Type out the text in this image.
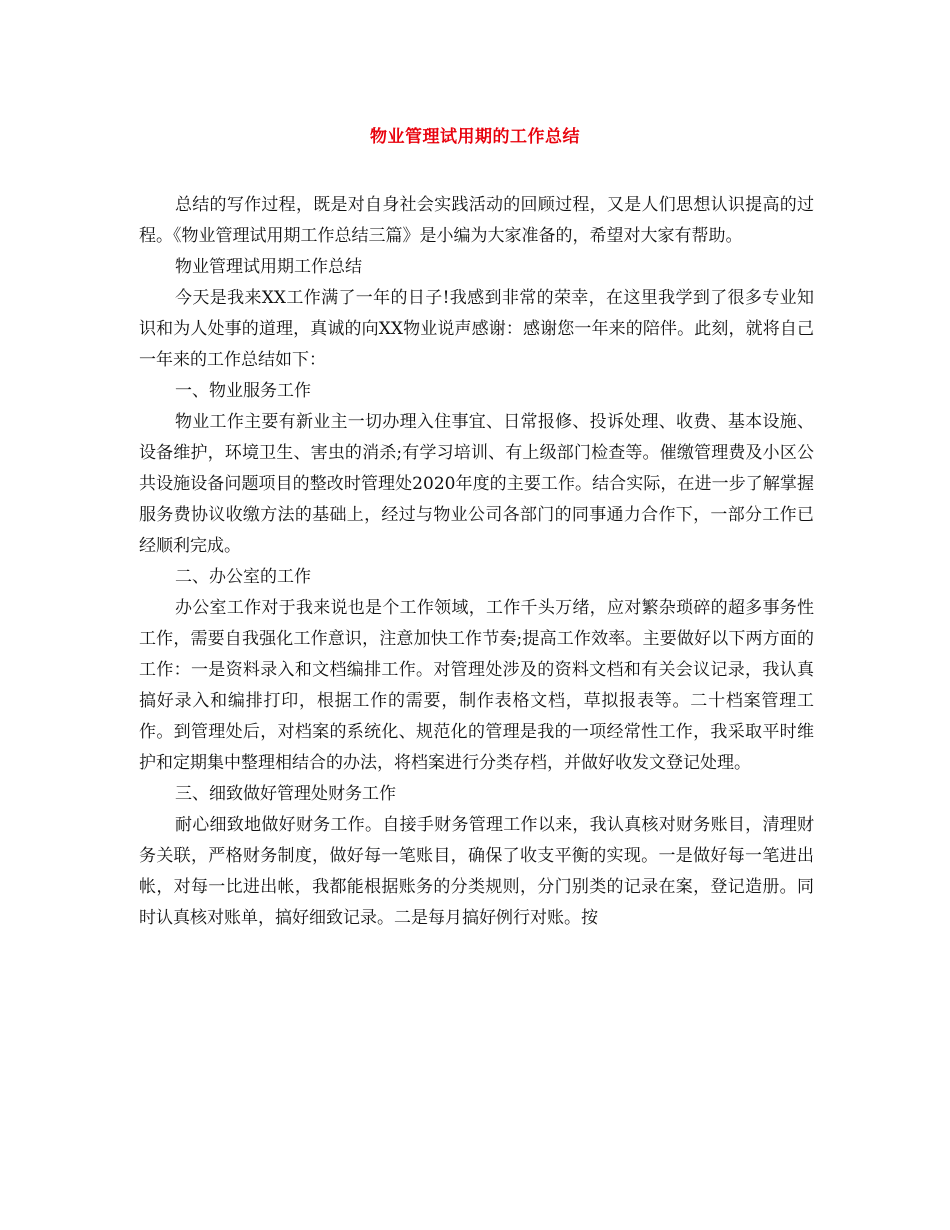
物业管理试用期的工作总结

总结的写作过程，既是对自身社会实践活动的回顾过程，又是人们思想认识提高的过程。《物业管理试用期工作总结三篇》是小编为大家准备的，希望对大家有帮助。

物业管理试用期工作总结

今天是我来XX工作满了一年的日子!我感到非常的荣幸，在这里我学到了很多专业知识和为人处事的道理，真诚的向XX物业说声感谢：感谢您一年来的陪伴。此刻，就将自己一年来的工作总结如下：

一、物业服务工作

物业工作主要有新业主一切办理入住事宜、日常报修、投诉处理、收费、基本设施、设备维护，环境卫生、害虫的消杀;有学习培训、有上级部门检查等。催缴管理费及小区公共设施设备问题项目的整改时管理处2020年度的主要工作。结合实际，在进一步了解掌握服务费协议收缴方法的基础上，经过与物业公司各部门的同事通力合作下，一部分工作已经顺利完成。

二、办公室的工作

办公室工作对于我来说也是个工作领域，工作千头万绪，应对繁杂琐碎的超多事务性工作，需要自我强化工作意识，注意加快工作节奏;提高工作效率。主要做好以下两方面的工作：一是资料录入和文档编排工作。对管理处涉及的资料文档和有关会议记录，我认真搞好录入和编排打印，根据工作的需要，制作表格文档，草拟报表等。二十档案管理工作。到管理处后，对档案的系统化、规范化的管理是我的一项经常性工作，我采取平时维护和定期集中整理相结合的办法，将档案进行分类存档，并做好收发文登记处理。

三、细致做好管理处财务工作

耐心细致地做好财务工作。自接手财务管理工作以来，我认真核对财务账目，清理财务关联，严格财务制度，做好每一笔账目，确保了收支平衡的实现。一是做好每一笔进出帐，对每一比进出帐，我都能根据账务的分类规则，分门别类的记录在案，登记造册。同时认真核对账单，搞好细致记录。二是每月搞好例行对账。按
